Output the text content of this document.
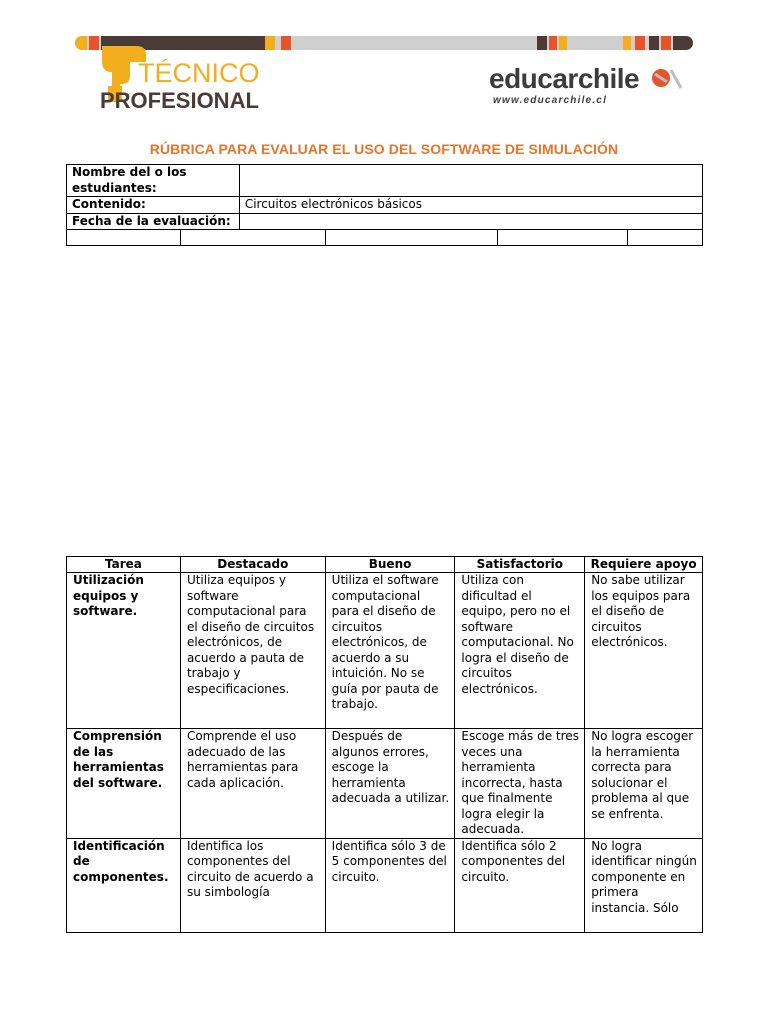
TÉCNICO
PROFESIONAL
educarchile
www.educarchile.cl
RÚBRICA PARA EVALUAR EL USO DEL SOFTWARE DE SIMULACIÓN
Nombre del o los estudiantes:					
Contenido:		Circuitos electrónicos básicos			
Fecha de la evaluación:					

Tarea	Destacado	Bueno	Satisfactorio	Requiere apoyo
Utilización equipos y software.	Utiliza equipos y software computacional para el diseño de circuitos electrónicos, de acuerdo a pauta de trabajo y especificaciones.	Utiliza el software computacional para el diseño de circuitos electrónicos, de acuerdo a su intuición. No se guía por pauta de trabajo.	Utiliza con dificultad el equipo, pero no el software computacional. No logra el diseño de circuitos electrónicos.	No sabe utilizar los equipos para el diseño de circuitos electrónicos.
Comprensión de las herramientas del software.	Comprende el uso adecuado de las herramientas para cada aplicación.	Después de algunos errores, escoge la herramienta adecuada a utilizar.	Escoge más de tres veces una herramienta incorrecta, hasta que finalmente logra elegir la adecuada.	No logra escoger la herramienta correcta para solucionar el problema al que se enfrenta.
Identificación de componentes.	Identifica los componentes del circuito de acuerdo a su simbología	Identifica sólo 3 de 5 componentes del circuito.	Identifica sólo 2 componentes del circuito.	No logra identificar ningún componente en primera instancia. Sólo
